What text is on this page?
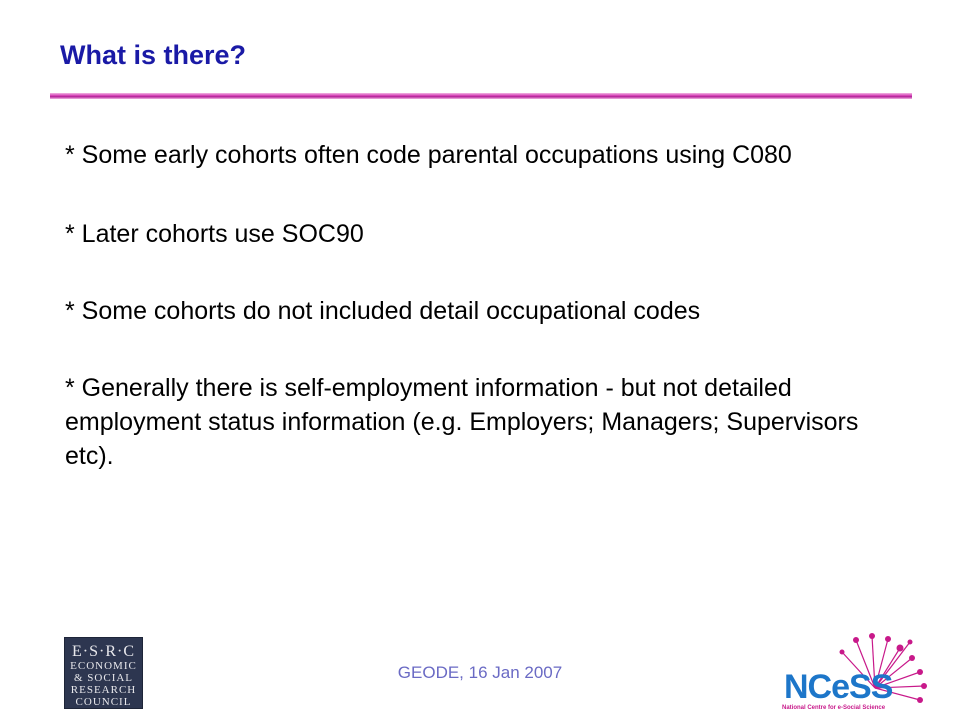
What is there?
* Some early cohorts often code parental occupations using C080
* Later cohorts use SOC90
* Some cohorts do not included detail occupational codes
* Generally there is self-employment information - but not detailed employment status information (e.g. Employers; Managers; Supervisors etc).
E·S·R·C
ECONOMIC
& SOCIAL
RESEARCH
COUNCIL
GEODE, 16 Jan 2007	NCeSS
National Centre for e-Social Science
